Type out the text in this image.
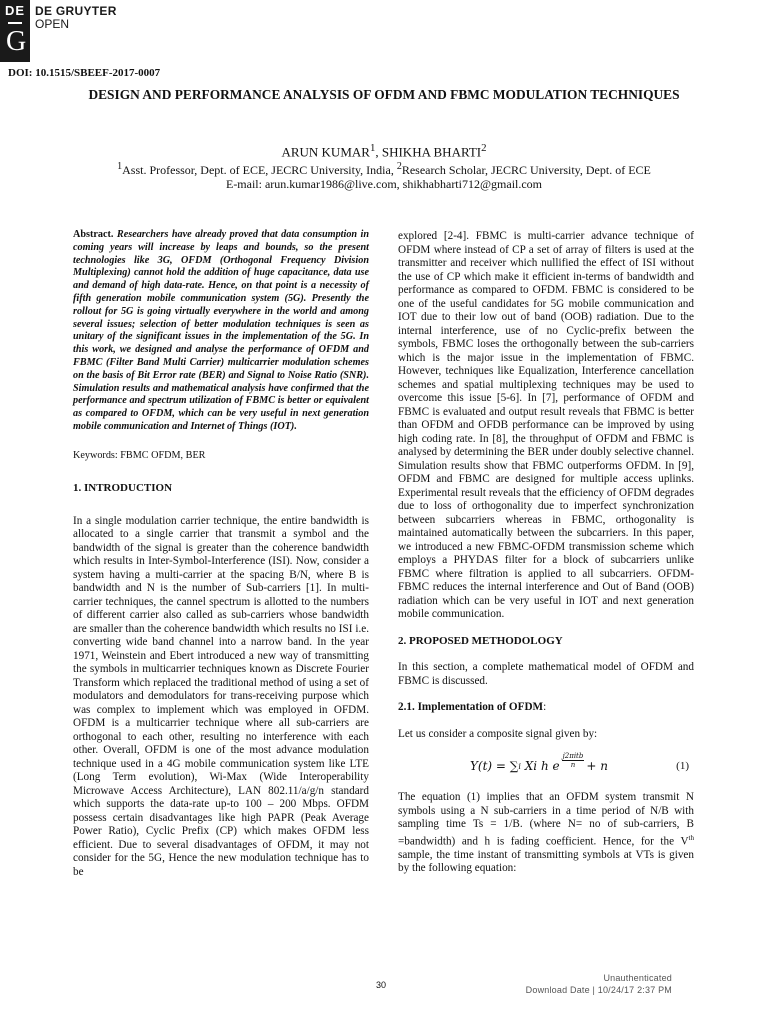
DE
G
DE GRUYTER
OPEN
DOI: 10.1515/SBEEF-2017-0007
DESIGN AND PERFORMANCE ANALYSIS OF OFDM AND FBMC MODULATION TECHNIQUES
ARUN KUMAR$^1$, SHIKHA BHARTI$^2$
$^1$Asst. Professor, Dept. of ECE, JECRC University, India, $^2$Research Scholar, JECRC University, Dept. of ECE
E-mail: arun.kumar1986@live.com, shikhabharti712@gmail.com

Abstract. Researchers have already proved that data consumption in coming years will increase by leaps and bounds, so the present technologies like 3G, OFDM (Orthogonal Frequency Division Multiplexing) cannot hold the addition of huge capacitance, data use and demand of high data-rate. Hence, on that point is a necessity of fifth generation mobile communication system (5G). Presently the rollout for 5G is going virtually everywhere in the world and among several issues; selection of better modulation techniques is seen as unitary of the significant issues in the implementation of the 5G. In this work, we designed and analyse the performance of OFDM and FBMC (Filter Band Multi Carrier) multicarrier modulation schemes on the basis of Bit Error rate (BER) and Signal to Noise Ratio (SNR). Simulation results and mathematical analysis have confirmed that the performance and spectrum utilization of FBMC is better or equivalent as compared to OFDM, which can be very useful in next generation mobile communication and Internet of Things (IOT).

Keywords: FBMC OFDM, BER

1. INTRODUCTION

In a single modulation carrier technique, the entire bandwidth is allocated to a single carrier that transmit a symbol and the bandwidth of the signal is greater than the coherence bandwidth which results in Inter-Symbol-Interference (ISI). Now, consider a system having a multi-carrier at the spacing B/N, where B is bandwidth and N is the number of Sub-carriers [1]. In multi-carrier techniques, the cannel spectrum is allotted to the numbers of different carrier also called as sub-carriers whose bandwidth are smaller than the coherence bandwidth which results no ISI i.e. converting wide band channel into a narrow band. In the year 1971, Weinstein and Ebert introduced a new way of transmitting the symbols in multicarrier techniques known as Discrete Fourier Transform which replaced the traditional method of using a set of modulators and demodulators for trans-receiving purpose which was complex to implement which was employed in OFDM. OFDM is a multicarrier technique where all sub-carriers are orthogonal to each other, resulting no interference with each other. Overall, OFDM is one of the most advance modulation technique used in a 4G mobile communication system like LTE (Long Term evolution), Wi-Max (Wide Interoperability Microwave Access Architecture), LAN 802.11/a/g/n standard which supports the data-rate up-to 100 – 200 Mbps. OFDM possess certain disadvantages like high PAPR (Peak Average Power Ratio), Cyclic Prefix (CP) which makes OFDM less efficient. Due to several disadvantages of OFDM, it may not consider for the 5G, Hence the new modulation technique has to be

explored [2-4]. FBMC is multi-carrier advance technique of OFDM where instead of CP a set of array of filters is used at the transmitter and receiver which nullified the effect of ISI without the use of CP which make it efficient in-terms of bandwidth and performance as compared to OFDM. FBMC is considered to be one of the useful candidates for 5G mobile communication and IOT due to their low out of band (OOB) radiation. Due to the internal interference, use of no Cyclic-prefix between the symbols, FBMC loses the orthogonally between the sub-carriers which is the major issue in the implementation of FBMC. However, techniques like Equalization, Interference cancellation schemes and spatial multiplexing techniques may be used to overcome this issue [5-6]. In [7], performance of OFDM and FBMC is evaluated and output result reveals that FBMC is better than OFDM and OFDB performance can be improved by using high coding rate. In [8], the throughput of OFDM and FBMC is analysed by determining the BER under doubly selective channel. Simulation results show that FBMC outperforms OFDM. In [9], OFDM and FBMC are designed for multiple access uplinks. Experimental result reveals that the efficiency of OFDM degrades due to loss of orthogonality due to imperfect synchronization between subcarriers whereas in FBMC, orthogonality is maintained automatically between the subcarriers. In this paper, we introduced a new FBMC-OFDM transmission scheme which employs a PHYDAS filter for a block of subcarriers unlike FBMC where filtration is applied to all subcarriers. OFDM-FBMC reduces the internal interference and Out of Band (OOB) radiation which can be very useful in IOT and next generation mobile communication.

2. PROPOSED METHODOLOGY

In this section, a complete mathematical model of OFDM and FBMC is discussed.

2.1. Implementation of OFDM:

Let us consider a composite signal given by:

Y(t) = ∑ i
Xi h e $\frac{\text{j2πitb}}{n} + n$	(1)

The equation (1) implies that an OFDM system transmit N symbols using a N sub-carriers in a time period of N/B with sampling time Ts = 1/B. (where N= no of sub-carriers, B =bandwidth) and h is fading coefficient. Hence, for the Vth sample, the time instant of transmitting symbols at VTs is given by the following equation:

30
Unauthenticated
Download Date | 10/24/17 2:37 PM
